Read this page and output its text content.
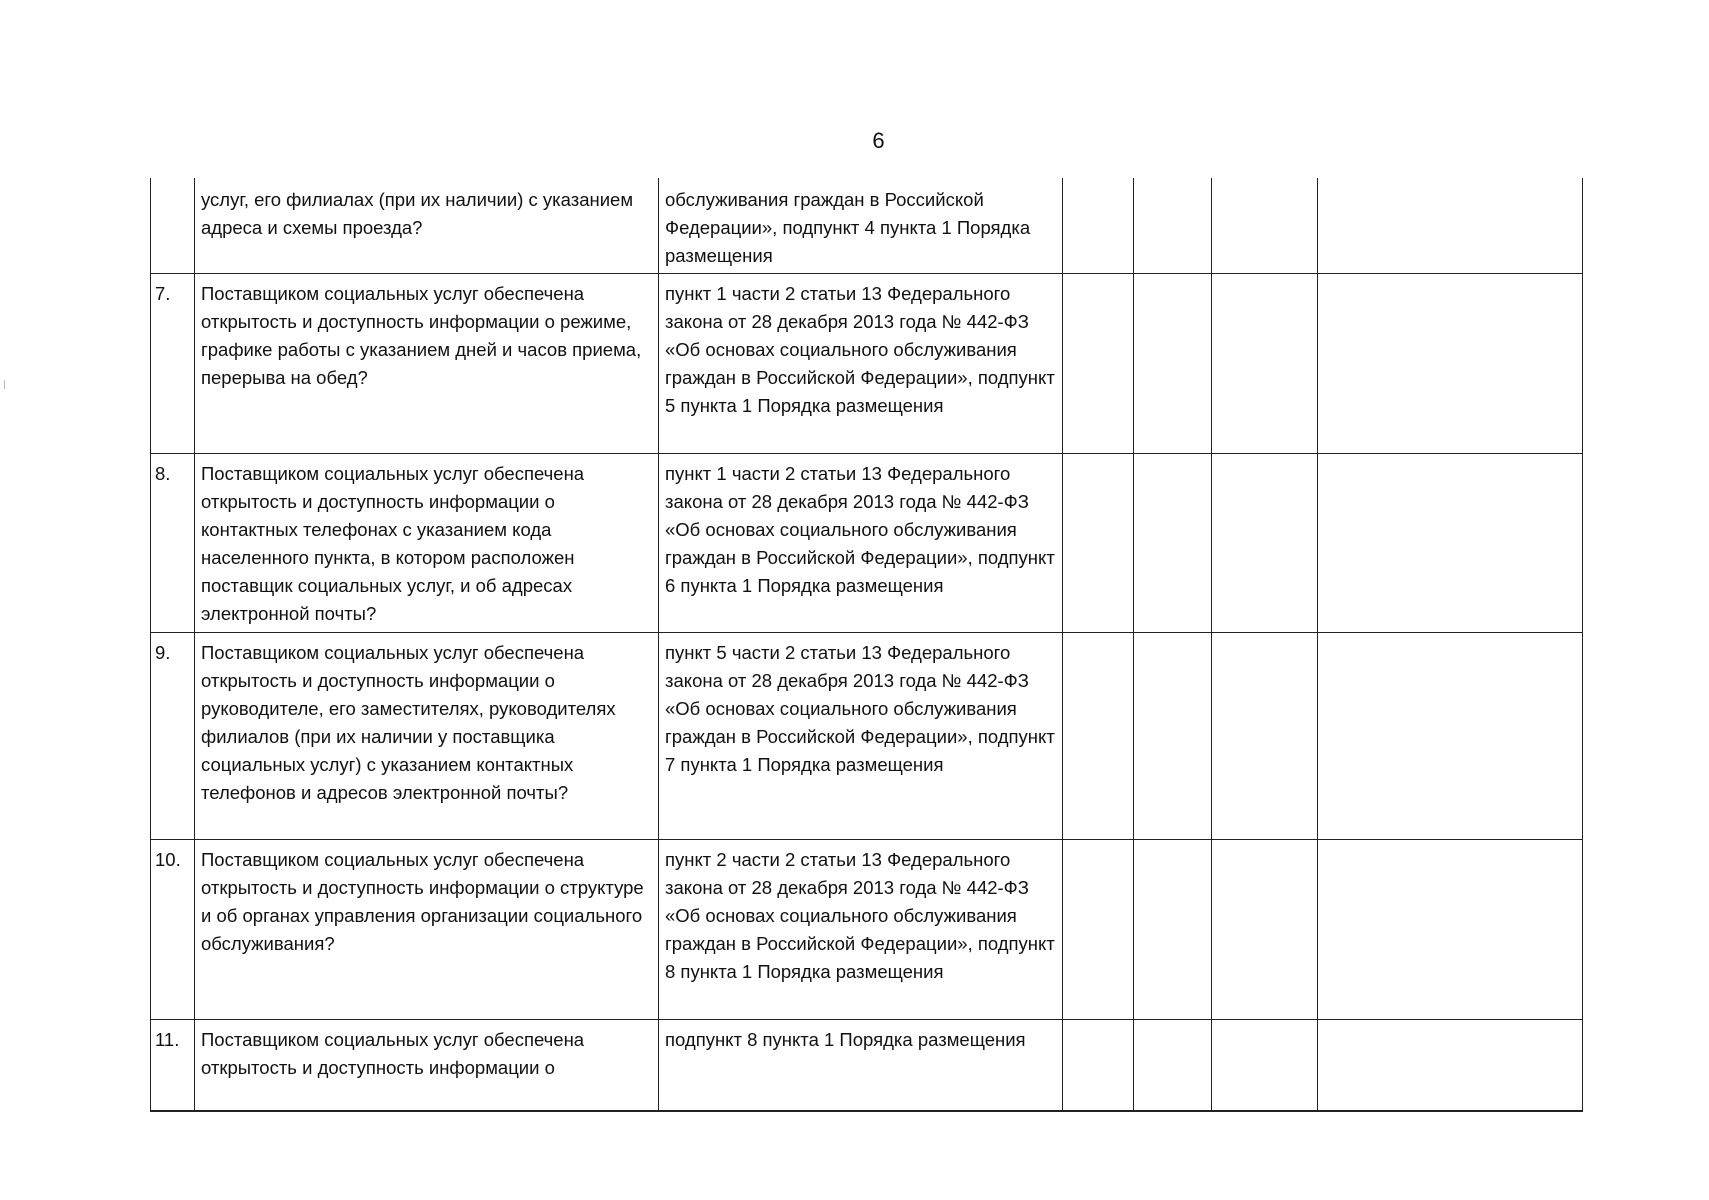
6
	услуг, его филиалах (при их наличии) с указанием адреса и схемы проезда?	обслуживания граждан в Российской Федерации», подпункт 4 пункта 1 Порядка размещения				
7.	Поставщиком социальных услуг обеспечена открытость и доступность информации о режиме, графике работы с указанием дней и часов приема, перерыва на обед?	пункт 1 части 2 статьи 13 Федерального закона от 28 декабря 2013 года № 442-ФЗ «Об основах социального обслуживания граждан в Российской Федерации», подпункт 5 пункта 1 Порядка размещения				
8.	Поставщиком социальных услуг обеспечена открытость и доступность информации о контактных телефонах с указанием кода населенного пункта, в котором расположен поставщик социальных услуг, и об адресах электронной почты?	пункт 1 части 2 статьи 13 Федерального закона от 28 декабря 2013 года № 442-ФЗ «Об основах социального обслуживания граждан в Российской Федерации», подпункт 6 пункта 1 Порядка размещения				
9.	Поставщиком социальных услуг обеспечена открытость и доступность информации о руководителе, его заместителях, руководителях филиалов (при их наличии у поставщика социальных услуг) с указанием контактных телефонов и адресов электронной почты?	пункт 5 части 2 статьи 13 Федерального закона от 28 декабря 2013 года № 442-ФЗ «Об основах социального обслуживания граждан в Российской Федерации», подпункт 7 пункта 1 Порядка размещения				
10.	Поставщиком социальных услуг обеспечена открытость и доступность информации о структуре и об органах управления организации социального обслуживания?	пункт 2 части 2 статьи 13 Федерального закона от 28 декабря 2013 года № 442-ФЗ «Об основах социального обслуживания граждан в Российской Федерации», подпункт 8 пункта 1 Порядка размещения				
11.	Поставщиком социальных услуг обеспечена открытость и доступность информации о	подпункт 8 пункта 1 Порядка размещения				
